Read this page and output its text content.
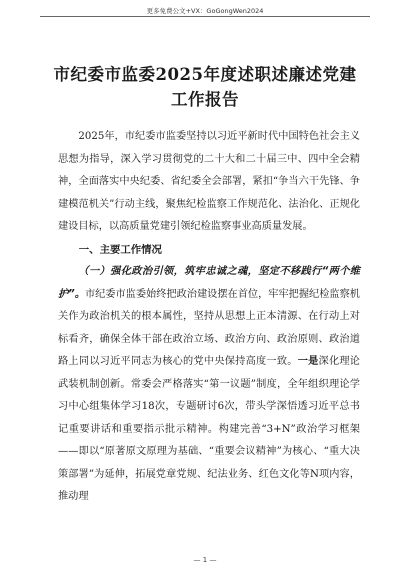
更多免费公文+VX：GoGongWen2024
市纪委市监委2025年度述职述廉述党建
工作报告

2025年，市纪委市监委坚持以习近平新时代中国特色社会主义思想为指导，深入学习贯彻党的二十大和二十届三中、四中全会精神，全面落实中央纪委、省纪委全会部署，紧扣“争当六干先锋、争建模范机关”行动主线，聚焦纪检监察工作规范化、法治化、正规化建设目标，以高质量党建引领纪检监察事业高质量发展。

一、主要工作情况

（一）强化政治引领，筑牢忠诚之魂，坚定不移践行“两个维护”。市纪委市监委始终把政治建设摆在首位，牢牢把握纪检监察机关作为政治机关的根本属性，坚持从思想上正本清源、在行动上对标看齐，确保全体干部在政治立场、政治方向、政治原则、政治道路上同以习近平同志为核心的党中央保持高度一致。一是深化理论武装机制创新。常委会严格落实“第一议题”制度，全年组织理论学习中心组集体学习18次，专题研讨6次，带头学深悟透习近平总书记重要讲话和重要指示批示精神。构建完善“3+N”政治学习框架——即以“原著原文原理为基础、“重要会议精神”为核心、“重大决策部署”为延伸，拓展党章党规、纪法业务、红色文化等N项内容，推动理

— 1 —
